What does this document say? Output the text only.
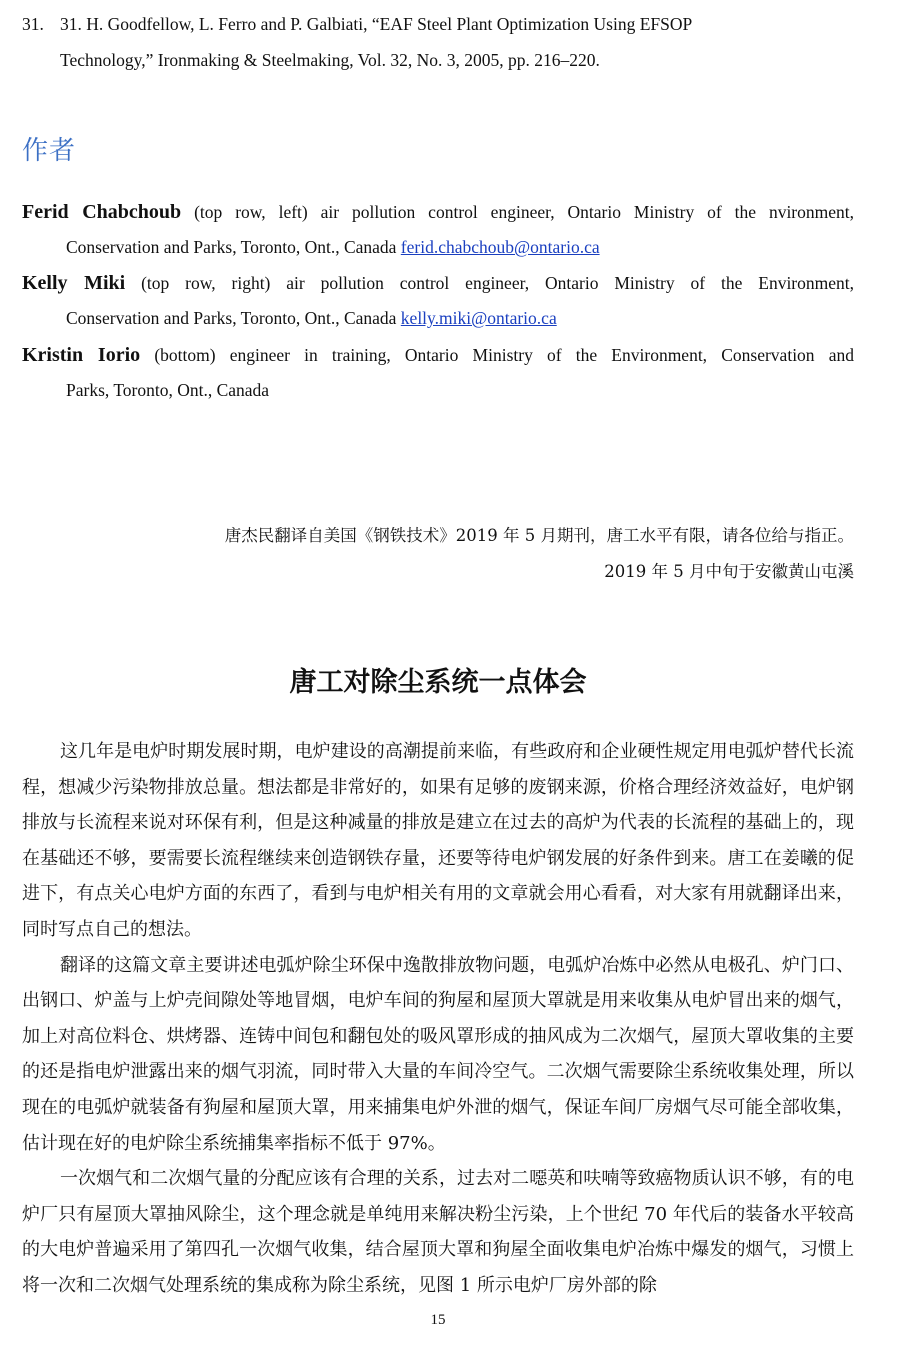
31. 31. H. Goodfellow, L. Ferro and P. Galbiati, “EAF Steel Plant Optimization Using EFSOP
Technology,” Ironmaking & Steelmaking, Vol. 32, No. 3, 2005, pp. 216–220.
作者
Ferid Chabchoub (top row, left) air pollution control engineer, Ontario Ministry of the nvironment,
Conservation and Parks, Toronto, Ont., Canada ferid.chabchoub@ontario.ca
Kelly Miki (top row, right) air pollution control engineer, Ontario Ministry of the Environment,
Conservation and Parks, Toronto, Ont., Canada kelly.miki@ontario.ca
Kristin Iorio (bottom) engineer in training, Ontario Ministry of the Environment, Conservation and
Parks, Toronto, Ont., Canada
唐杰民翻译自美国《钢铁技术》2019 年 5 月期刊，唐工水平有限，请各位给与指正。
2019 年 5 月中旬于安徽黄山屯溪
唐工对除尘系统一点体会

这几年是电炉时期发展时期，电炉建设的高潮提前来临，有些政府和企业硬性规定用电弧炉替代长流程，想减少污染物排放总量。想法都是非常好的，如果有足够的废钢来源，价格合理经济效益好，电炉钢排放与长流程来说对环保有利，但是这种减量的排放是建立在过去的高炉为代表的长流程的基础上的，现在基础还不够，要需要长流程继续来创造钢铁存量，还要等待电炉钢发展的好条件到来。唐工在姜曦的促进下，有点关心电炉方面的东西了，看到与电炉相关有用的文章就会用心看看，对大家有用就翻译出来，同时写点自己的想法。

翻译的这篇文章主要讲述电弧炉除尘环保中逸散排放物问题，电弧炉冶炼中必然从电极孔、炉门口、出钢口、炉盖与上炉壳间隙处等地冒烟，电炉车间的狗屋和屋顶大罩就是用来收集从电炉冒出来的烟气，加上对高位料仓、烘烤器、连铸中间包和翻包处的吸风罩形成的抽风成为二次烟气，屋顶大罩收集的主要的还是指电炉泄露出来的烟气羽流，同时带入大量的车间冷空气。二次烟气需要除尘系统收集处理，所以现在的电弧炉就装备有狗屋和屋顶大罩，用来捕集电炉外泄的烟气，保证车间厂房烟气尽可能全部收集，估计现在好的电炉除尘系统捕集率指标不低于 97%。

一次烟气和二次烟气量的分配应该有合理的关系，过去对二噁英和呋喃等致癌物质认识不够，有的电炉厂只有屋顶大罩抽风除尘，这个理念就是单纯用来解决粉尘污染，上个世纪 70 年代后的装备水平较高的大电炉普遍采用了第四孔一次烟气收集，结合屋顶大罩和狗屋全面收集电炉冶炼中爆发的烟气，习惯上将一次和二次烟气处理系统的集成称为除尘系统，见图 1 所示电炉厂房外部的除

15
